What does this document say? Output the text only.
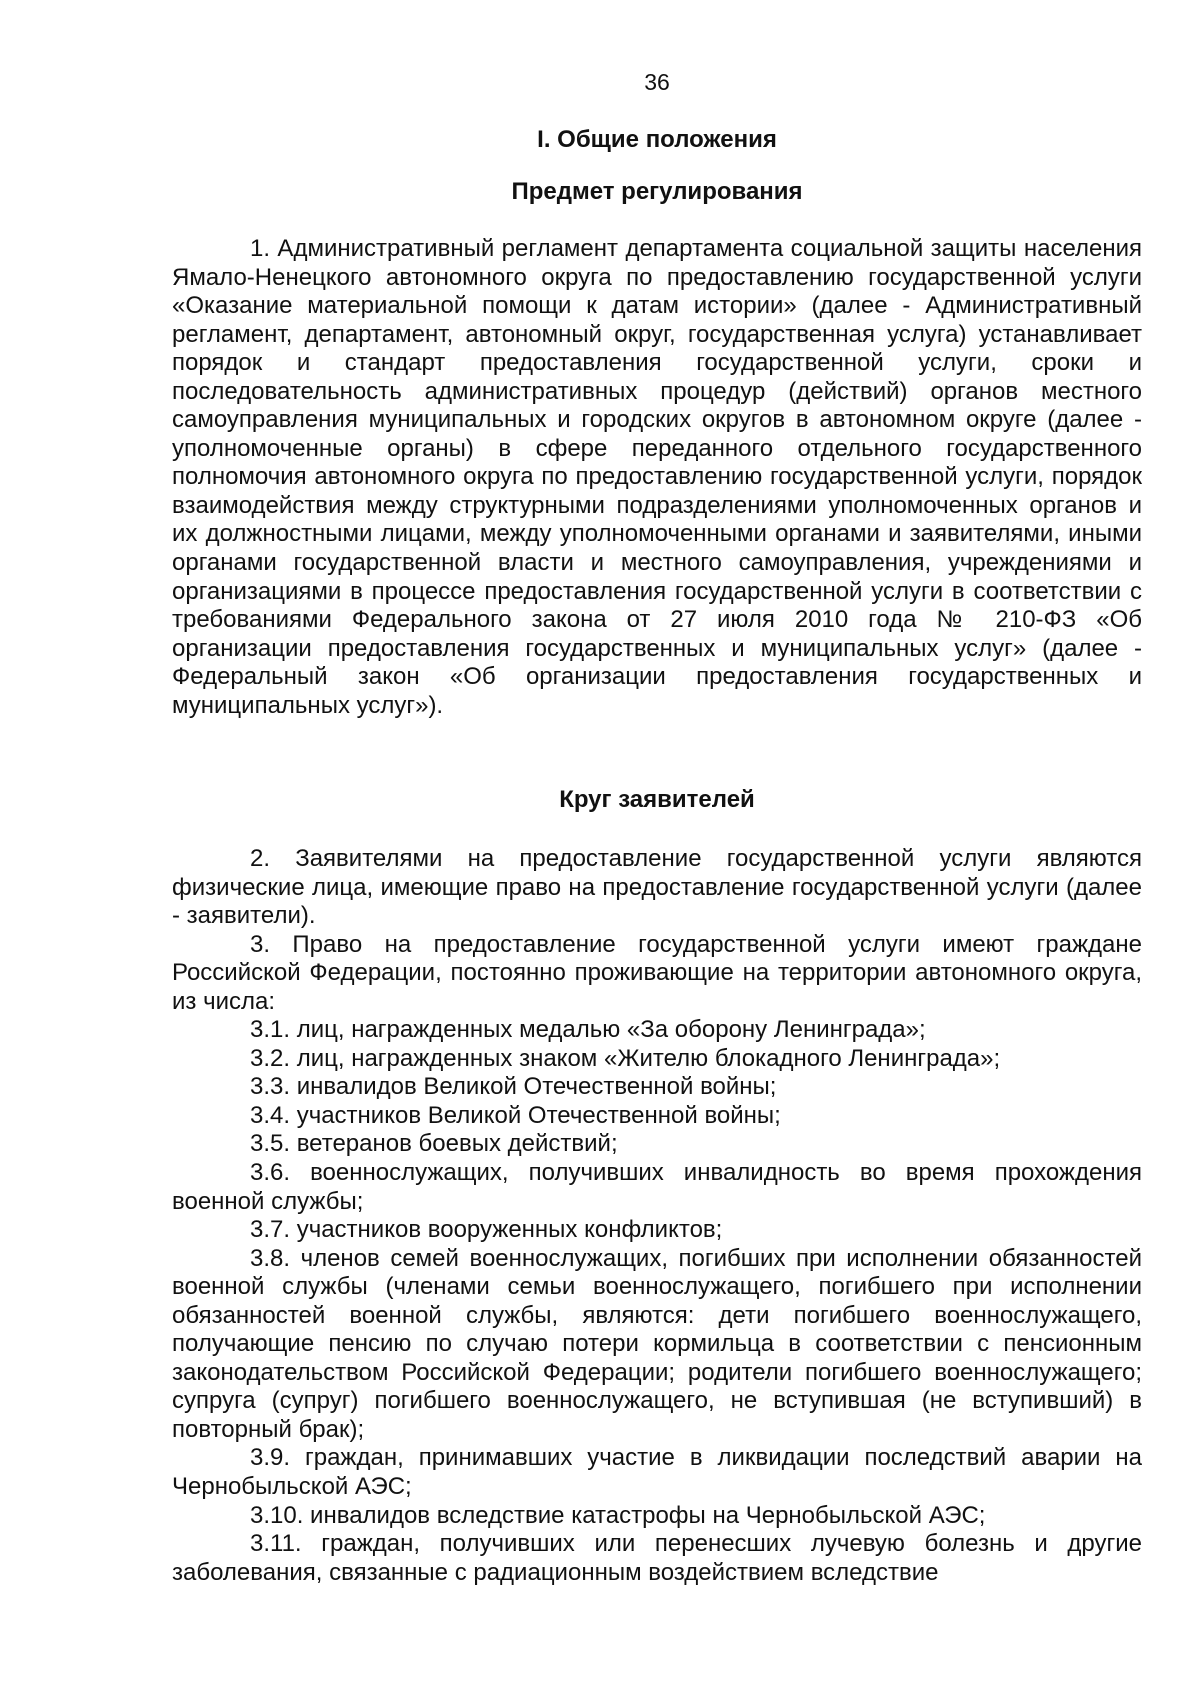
36
I. Общие положения
Предмет регулирования

1. Административный регламент департамента социальной защиты населения Ямало-Ненецкого автономного округа по предоставлению государственной услуги «Оказание материальной помощи к датам истории» (далее - Административный регламент, департамент, автономный округ, государственная услуга) устанавливает порядок и стандарт предоставления государственной услуги, сроки и последовательность административных процедур (действий) органов местного самоуправления муниципальных и городских округов в автономном округе (далее - уполномоченные органы) в сфере переданного отдельного государственного полномочия автономного округа по предоставлению государственной услуги, порядок взаимодействия между структурными подразделениями уполномоченных органов и их должностными лицами, между уполномоченными органами и заявителями, иными органами государственной власти и местного самоуправления, учреждениями и организациями в процессе предоставления государственной услуги в соответствии с требованиями Федерального закона от 27 июля 2010 года № 210-ФЗ «Об организации предоставления государственных и муниципальных услуг» (далее - Федеральный закон «Об организации предоставления государственных и муниципальных услуг»).

Круг заявителей

2. Заявителями на предоставление государственной услуги являются физические лица, имеющие право на предоставление государственной услуги (далее - заявители).

3. Право на предоставление государственной услуги имеют граждане Российской Федерации, постоянно проживающие на территории автономного округа, из числа:

3.1. лиц, награжденных медалью «За оборону Ленинграда»;

3.2. лиц, награжденных знаком «Жителю блокадного Ленинграда»;

3.3. инвалидов Великой Отечественной войны;

3.4. участников Великой Отечественной войны;

3.5. ветеранов боевых действий;

3.6. военнослужащих, получивших инвалидность во время прохождения военной службы;

3.7. участников вооруженных конфликтов;

3.8. членов семей военнослужащих, погибших при исполнении обязанностей военной службы (членами семьи военнослужащего, погибшего при исполнении обязанностей военной службы, являются: дети погибшего военнослужащего, получающие пенсию по случаю потери кормильца в соответствии с пенсионным законодательством Российской Федерации; родители погибшего военнослужащего; супруга (супруг) погибшего военнослужащего, не вступившая (не вступивший) в повторный брак);

3.9. граждан, принимавших участие в ликвидации последствий аварии на Чернобыльской АЭС;

3.10. инвалидов вследствие катастрофы на Чернобыльской АЭС;

3.11. граждан, получивших или перенесших лучевую болезнь и другие заболевания, связанные с радиационным воздействием вследствие
